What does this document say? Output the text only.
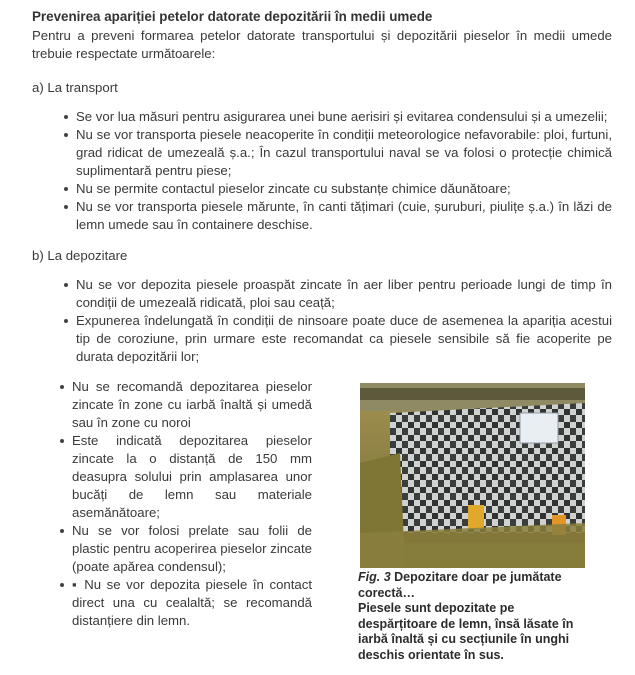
Prevenirea apariției petelor datorate depozitării în medii umede
Pentru a preveni formarea petelor datorate transportului și depozitării pieselor în medii umede trebuie respectate următoarele:
a) La transport
Se vor lua măsuri pentru asigurarea unei bune aerisiri și evitarea condensului și a umezelii;
Nu se vor transporta piesele neacoperite în condiții meteorologice nefavorabile: ploi, furtuni, grad ridicat de umezeală ș.a.; În cazul transportului naval se va folosi o protecție chimică suplimentară pentru piese;
Nu se permite contactul pieselor zincate cu substanțe chimice dăunătoare;
Nu se vor transporta piesele mărunte, în canti tățimari (cuie, șuruburi, piulițe ș.a.) în lăzi de lemn umede sau în containere deschise.
b) La depozitare
Nu se vor depozita piesele proaspăt zincate în aer liber pentru perioade lungi de timp în condiții de umezeală ridicată, ploi sau ceață;
Expunerea îndelungată în condiții de ninsoare poate duce de asemenea la apariția acestui tip de coroziune, prin urmare este recomandat ca piesele sensibile să fie acoperite pe durata depozitării lor;
Nu se recomandă depozitarea pieselor zincate în zone cu iarbă înaltă și umedă sau în zone cu noroi
Este indicată depozitarea pieselor zincate la o distanță de 150 mm deasupra solului prin amplasarea unor bucăți de lemn sau materiale asemănătoare;
Nu se vor folosi prelate sau folii de plastic pentru acoperirea pieselor zincate (poate apărea condensul);
▪ Nu se vor depozita piesele în contact direct una cu cealaltă; se recomandă distanțiere din lemn.
Fig. 3 Depozitare doar pe jumătate corectă…
Piesele sunt depozitate pe despărțitoare de lemn, însă lăsate în iarbă înaltă și cu secțiunile în unghi deschis orientate în sus.
